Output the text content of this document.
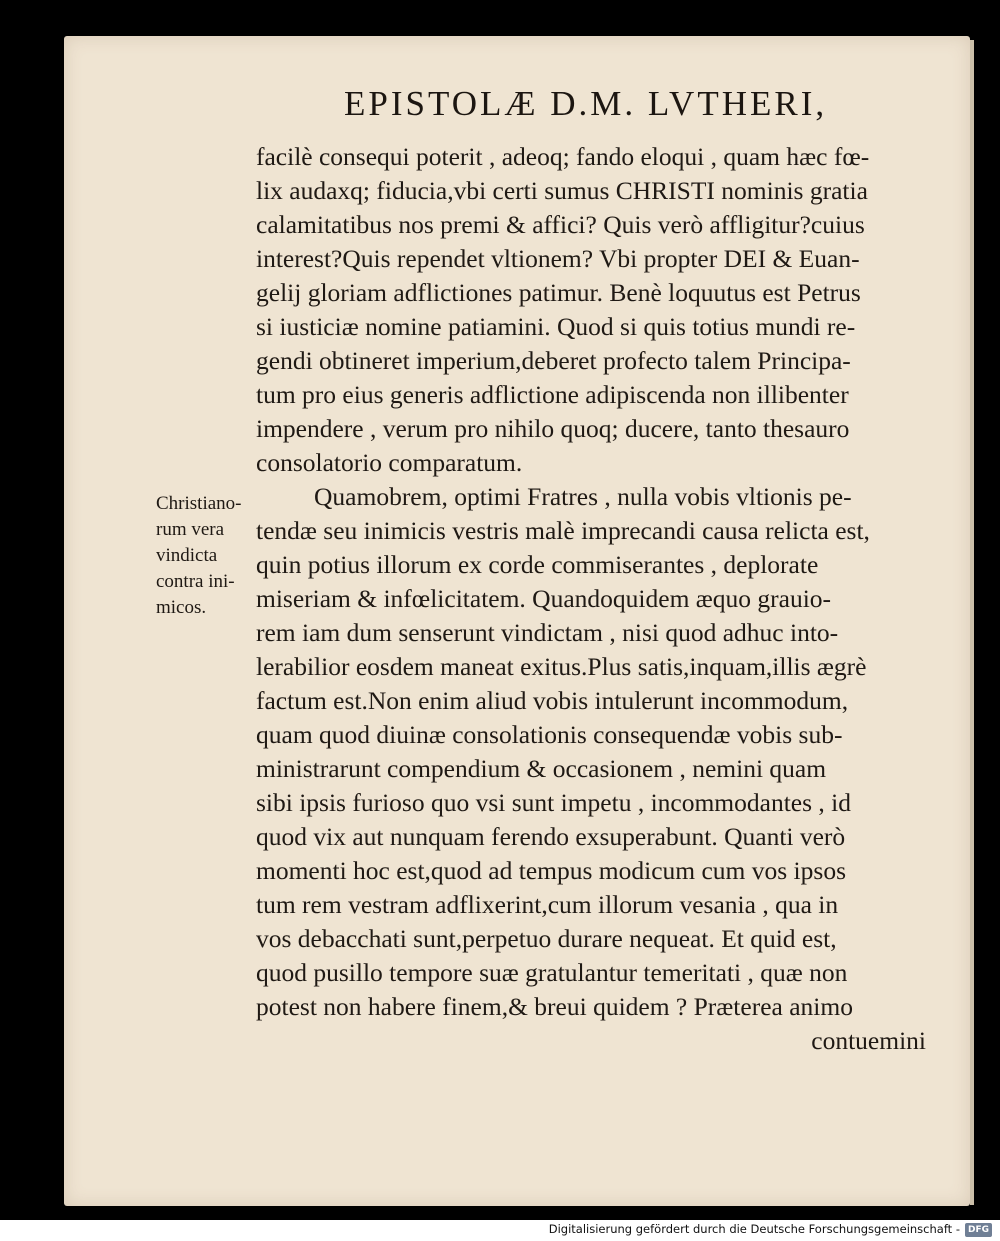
EPISTOLÆ D.M. LVTHERI,
facilè consequi poterit , adeoq; fando eloqui , quam hæc fœ-
lix audaxq; fiducia,vbi certi sumus CHRISTI nominis gratia
calamitatibus nos premi & affici? Quis verò affligitur?cuius
interest?Quis rependet vltionem? Vbi propter DEI & Euan-
gelij gloriam adflictiones patimur. Benè loquutus est Petrus
si iusticiæ nomine patiamini. Quod si quis totius mundi re-
gendi obtineret imperium,deberet profecto talem Principa-
tum pro eius generis adflictione adipiscenda non illibenter
impendere , verum pro nihilo quoq; ducere, tanto thesauro
consolatorio comparatum.
Quamobrem, optimi Fratres , nulla vobis vltionis pe-
tendæ seu inimicis vestris malè imprecandi causa relicta est,
quin potius illorum ex corde commiserantes , deplorate
miseriam & infœlicitatem. Quandoquidem æquo grauio-
rem iam dum senserunt vindictam , nisi quod adhuc into-
lerabilior eosdem maneat exitus.Plus satis,inquam,illis ægrè
factum est.Non enim aliud vobis intulerunt incommodum,
quam quod diuinæ consolationis consequendæ vobis sub-
ministrarunt compendium & occasionem , nemini quam
sibi ipsis furioso quo vsi sunt impetu , incommodantes , id
quod vix aut nunquam ferendo exsuperabunt. Quanti verò
momenti hoc est,quod ad tempus modicum cum vos ipsos
tum rem vestram adflixerint,cum illorum vesania , qua in
vos debacchati sunt,perpetuo durare nequeat. Et quid est,
quod pusillo tempore suæ gratulantur temeritati , quæ non
potest non habere finem,& breui quidem ? Præterea animo
contuemini
Christiano-
rum vera
vindicta
contra ini-
micos.
Digitalisierung gefördert durch die Deutsche Forschungsgemeinschaft - DFG
